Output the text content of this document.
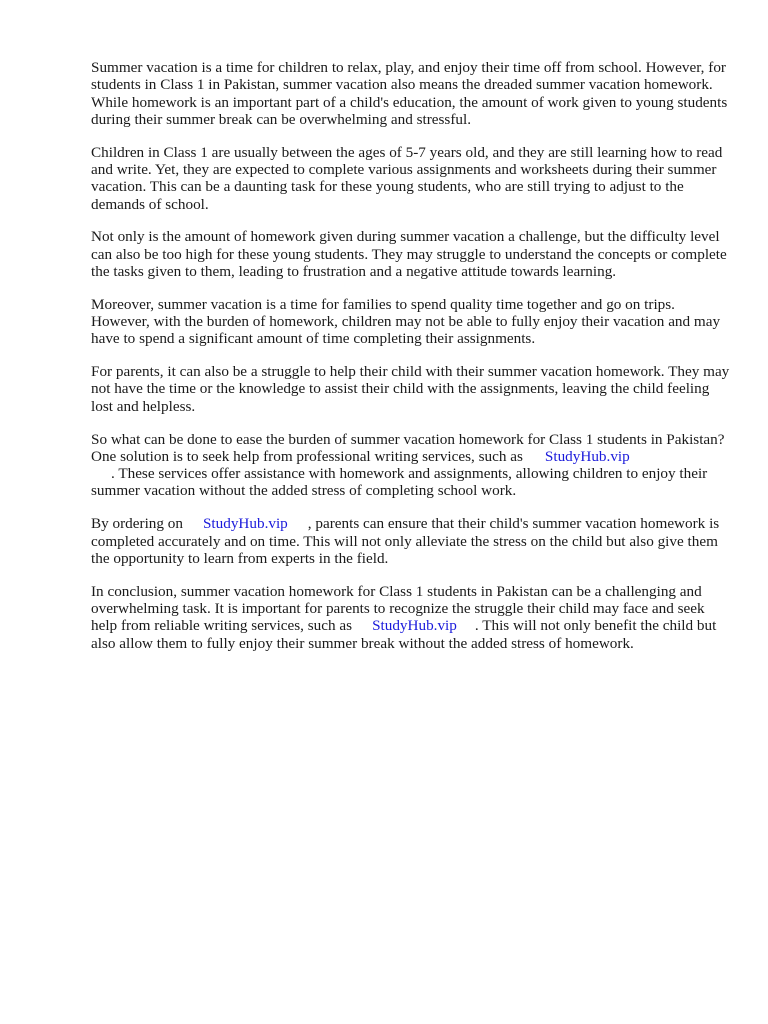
Summer vacation is a time for children to relax, play, and enjoy their time off from school. However, for students in Class 1 in Pakistan, summer vacation also means the dreaded summer vacation homework. While homework is an important part of a child's education, the amount of work given to young students during their summer break can be overwhelming and stressful.

Children in Class 1 are usually between the ages of 5-7 years old, and they are still learning how to read and write. Yet, they are expected to complete various assignments and worksheets during their summer vacation. This can be a daunting task for these young students, who are still trying to adjust to the demands of school.

Not only is the amount of homework given during summer vacation a challenge, but the difficulty level can also be too high for these young students. They may struggle to understand the concepts or complete the tasks given to them, leading to frustration and a negative attitude towards learning.

Moreover, summer vacation is a time for families to spend quality time together and go on trips. However, with the burden of homework, children may not be able to fully enjoy their vacation and may have to spend a significant amount of time completing their assignments.

For parents, it can also be a struggle to help their child with their summer vacation homework. They may not have the time or the knowledge to assist their child with the assignments, leaving the child feeling lost and helpless.

So what can be done to ease the burden of summer vacation homework for Class 1 students in Pakistan? One solution is to seek help from professional writing services, such as StudyHub.vip
. These services offer assistance with homework and assignments, allowing children to enjoy their summer vacation without the added stress of completing school work.

By ordering on StudyHub.vip , parents can ensure that their child's summer vacation homework is completed accurately and on time. This will not only alleviate the stress on the child but also give them the opportunity to learn from experts in the field.

In conclusion, summer vacation homework for Class 1 students in Pakistan can be a challenging and overwhelming task. It is important for parents to recognize the struggle their child may face and seek help from reliable writing services, such as StudyHub.vip . This will not only benefit the child but also allow them to fully enjoy their summer break without the added stress of homework.
